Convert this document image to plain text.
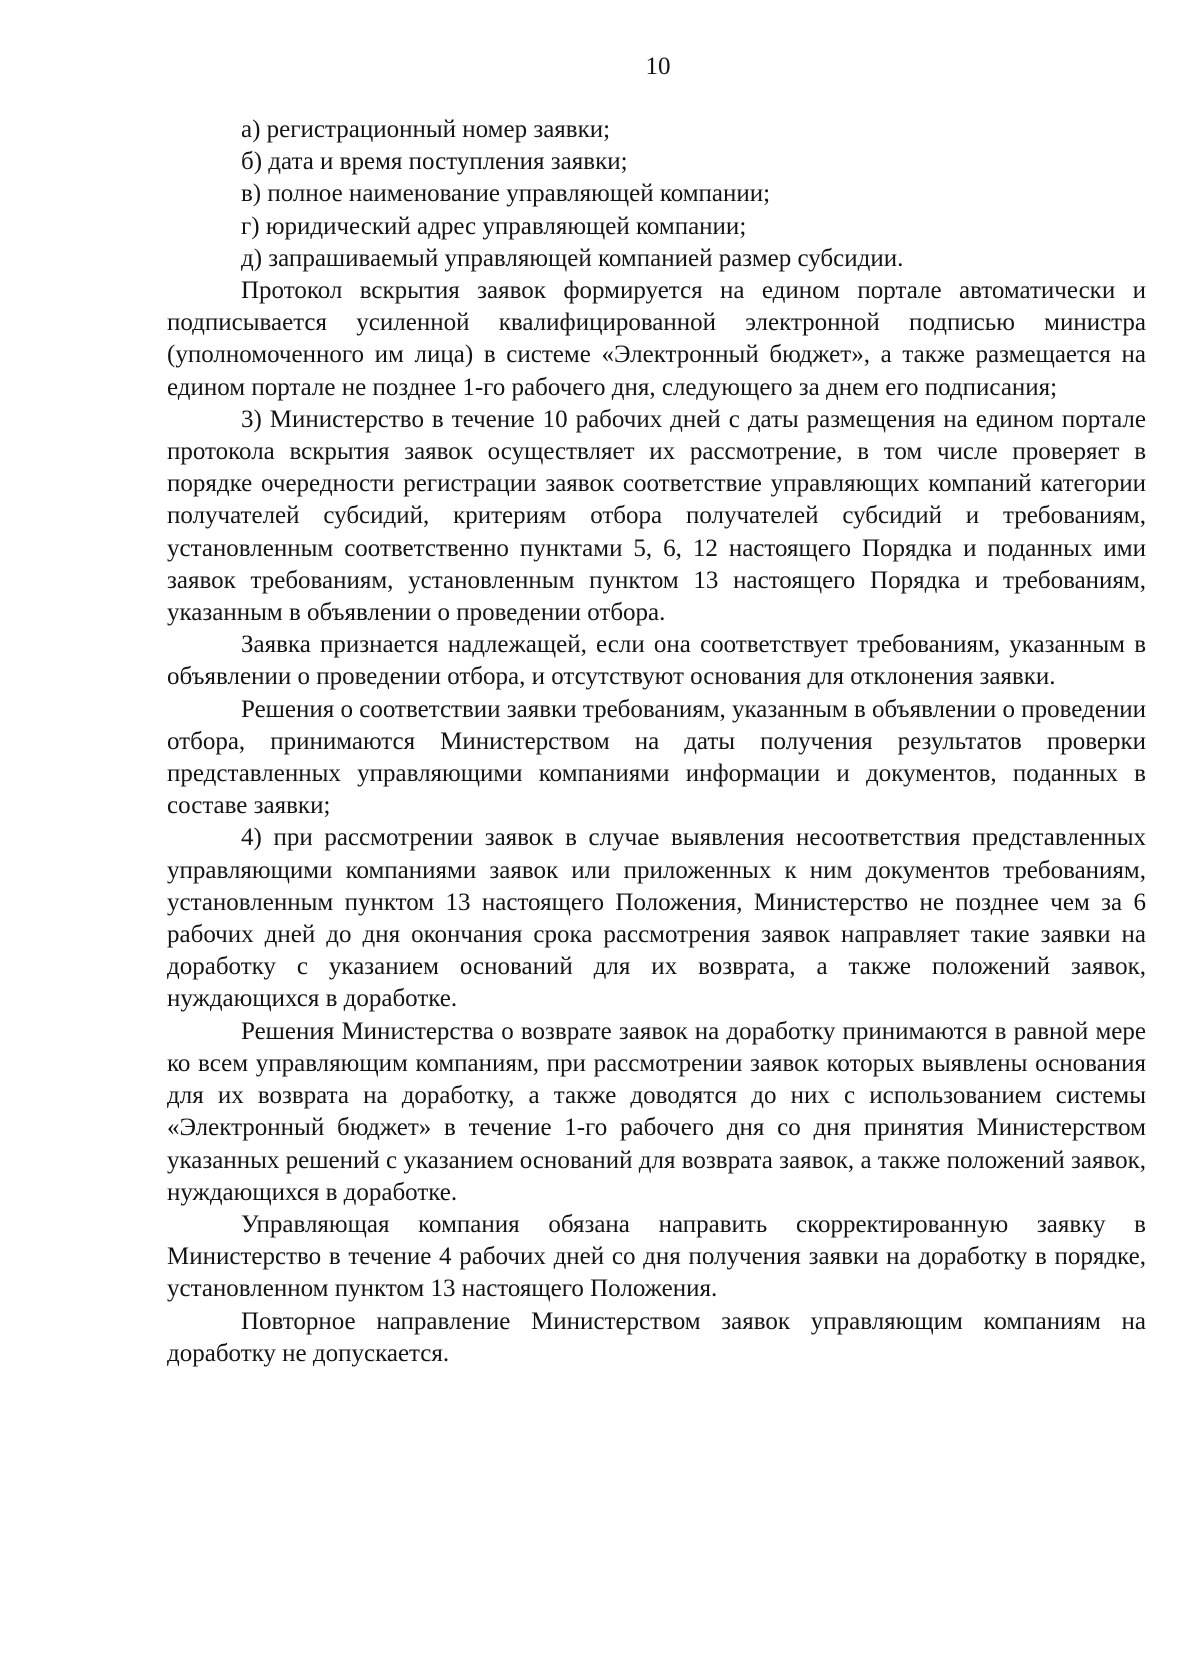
10

а) регистрационный номер заявки;

б) дата и время поступления заявки;

в) полное наименование управляющей компании;

г) юридический адрес управляющей компании;

д) запрашиваемый управляющей компанией размер субсидии.

Протокол вскрытия заявок формируется на едином портале автоматически и подписывается усиленной квалифицированной электронной подписью министра (уполномоченного им лица) в системе «Электронный бюджет», а также размещается на едином портале не позднее 1-го рабочего дня, следующего за днем его подписания;

3) Министерство в течение 10 рабочих дней с даты размещения на едином портале протокола вскрытия заявок осуществляет их рассмотрение, в том числе проверяет в порядке очередности регистрации заявок соответствие управляющих компаний категории получателей субсидий, критериям отбора получателей субсидий и требованиям, установленным соответственно пунктами 5, 6, 12 настоящего Порядка и поданных ими заявок требованиям, установленным пунктом 13 настоящего Порядка и требованиям, указанным в объявлении о проведении отбора.

Заявка признается надлежащей, если она соответствует требованиям, указанным в объявлении о проведении отбора, и отсутствуют основания для отклонения заявки.

Решения о соответствии заявки требованиям, указанным в объявлении о проведении отбора, принимаются Министерством на даты получения результатов проверки представленных управляющими компаниями информации и документов, поданных в составе заявки;

4) при рассмотрении заявок в случае выявления несоответствия представленных управляющими компаниями заявок или приложенных к ним документов требованиям, установленным пунктом 13 настоящего Положения, Министерство не позднее чем за 6 рабочих дней до дня окончания срока рассмотрения заявок направляет такие заявки на доработку с указанием оснований для их возврата, а также положений заявок, нуждающихся в доработке.

Решения Министерства о возврате заявок на доработку принимаются в равной мере ко всем управляющим компаниям, при рассмотрении заявок которых выявлены основания для их возврата на доработку, а также доводятся до них с использованием системы «Электронный бюджет» в течение 1-го рабочего дня со дня принятия Министерством указанных решений с указанием оснований для возврата заявок, а также положений заявок, нуждающихся в доработке.

Управляющая компания обязана направить скорректированную заявку в Министерство в течение 4 рабочих дней со дня получения заявки на доработку в порядке, установленном пунктом 13 настоящего Положения.

Повторное направление Министерством заявок управляющим компаниям на доработку не допускается.
